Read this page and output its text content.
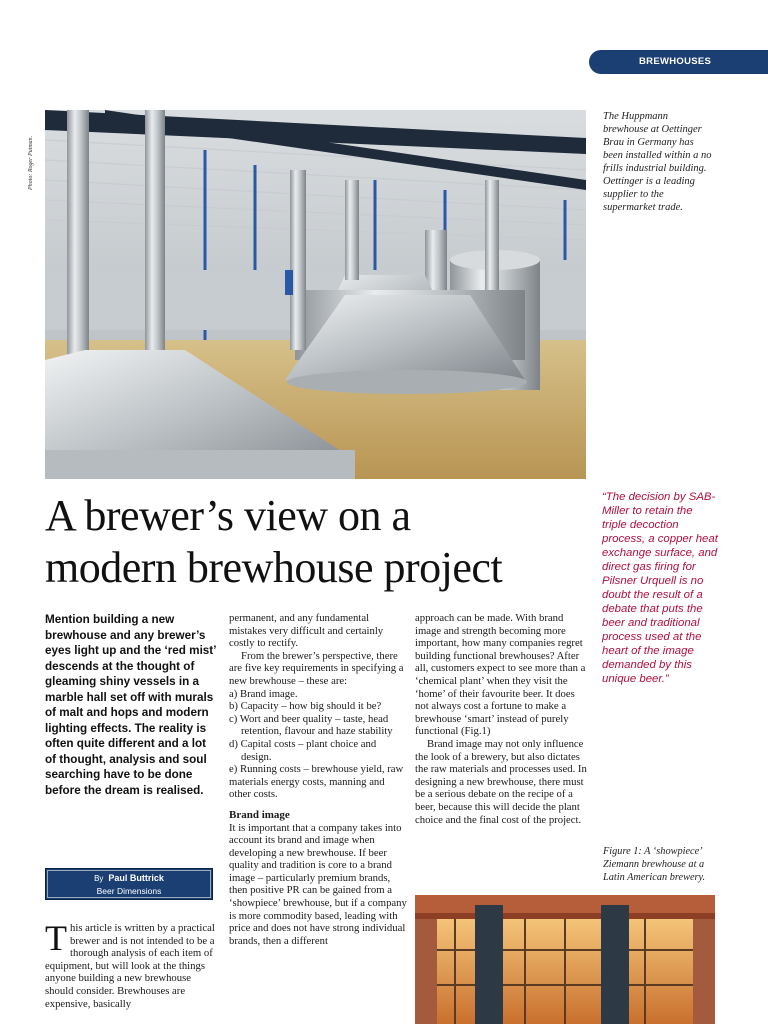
BREWHOUSES
Photo: Roger Putman.
The Huppmann brewhouse at Oettinger Brau in Germany has been installed within a no frills industrial building. Oettinger is a leading supplier to the supermarket trade.
A brewer’s view on a
modern brewhouse project
“The decision by SAB-Miller to retain the triple decoction process, a copper heat exchange surface, and direct gas firing for Pilsner Urquell is no doubt the result of a debate that puts the beer and traditional process used at the heart of the image demanded by this unique beer.”
Mention building a new brewhouse and any brewer’s eyes light up and the ‘red mist’ descends at the thought of gleaming shiny vessels in a marble hall set off with murals of malt and hops and modern lighting effects. The reality is often quite different and a lot of thought, analysis and soul searching have to be done before the dream is realised.
By Paul Buttrick
Beer Dimensions
T his article is written by a practical brewer and is not intended to be a thorough analysis of each item of equipment, but will look at the things anyone building a new brewhouse should consider. Brewhouses are expensive, basically

permanent, and any fundamental mistakes very difficult and certainly costly to rectify.

From the brewer’s perspective, there are five key requirements in specifying a new brewhouse – these are:

a) Brand image.

b) Capacity – how big should it be?

c) Wort and beer quality – taste, head

retention, flavour and haze stability

d) Capital costs – plant choice and

design.

e) Running costs – brewhouse yield, raw materials energy costs, manning and other costs.

Brand image

It is important that a company takes into account its brand and image when developing a new brewhouse. If beer quality and tradition is core to a brand image – particularly premium brands, then positive PR can be gained from a ‘showpiece’ brewhouse, but if a company is more commodity based, leading with price and does not have strong individual brands, then a different

approach can be made. With brand image and strength becoming more important, how many companies regret building functional brewhouses? After all, customers expect to see more than a ‘chemical plant’ when they visit the ‘home’ of their favourite beer. It does not always cost a fortune to make a brewhouse ‘smart’ instead of purely functional (Fig.1)

Brand image may not only influence the look of a brewery, but also dictates the raw materials and processes used. In designing a new brewhouse, there must be a serious debate on the recipe of a beer, because this will decide the plant choice and the final cost of the project.

Figure 1: A ‘showpiece’ Ziemann brewhouse at a Latin American brewery.
